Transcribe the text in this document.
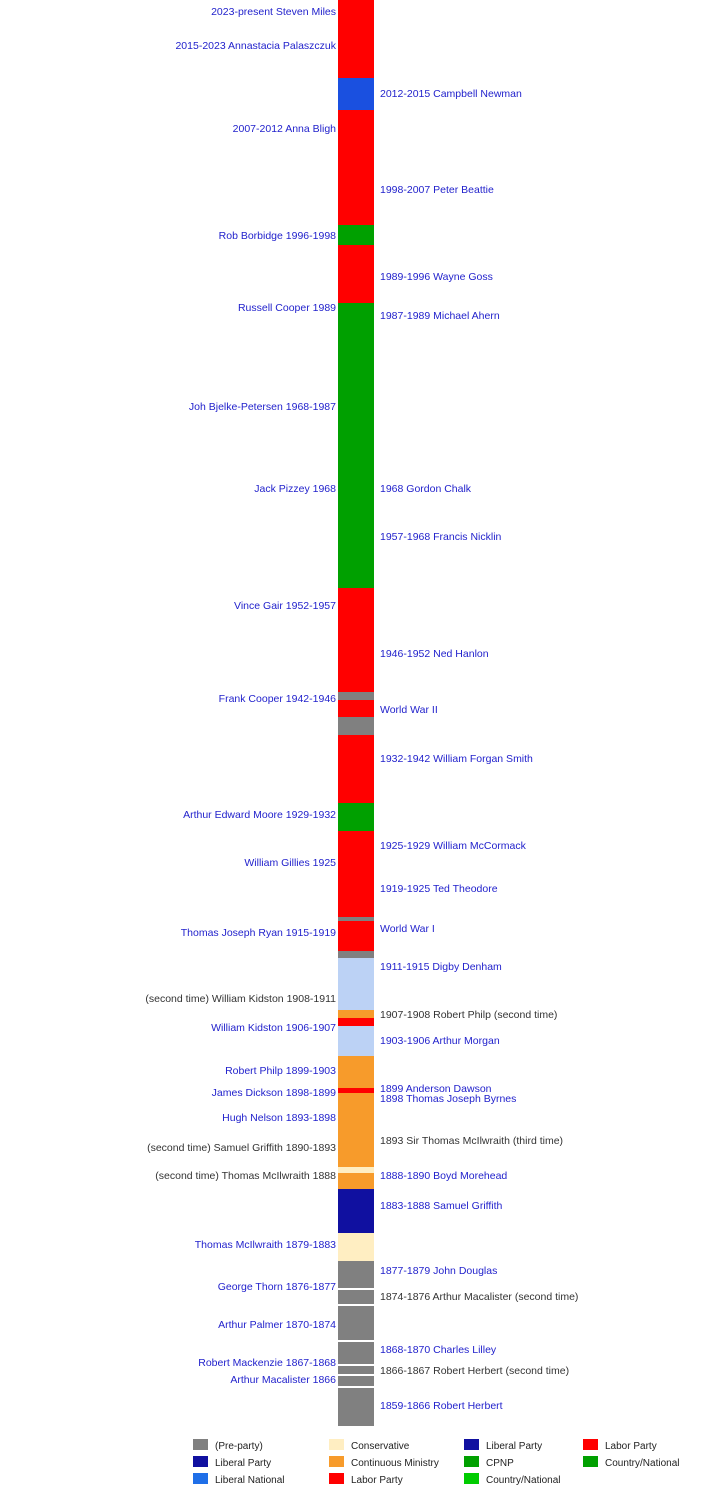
2023-present Steven Miles
2015-2023 Annastacia Palaszczuk
2012-2015 Campbell Newman
2007-2012 Anna Bligh
1998-2007 Peter Beattie
Rob Borbidge 1996-1998
1989-1996 Wayne Goss
Russell Cooper 1989
1987-1989 Michael Ahern
Joh Bjelke-Petersen 1968-1987
Jack Pizzey 1968	1968 Gordon Chalk
1957-1968 Francis Nicklin
Vince Gair 1952-1957
1946-1952 Ned Hanlon
Frank Cooper 1942-1946
World War II
1932-1942 William Forgan Smith
Arthur Edward Moore 1929-1932
1925-1929 William McCormack
William Gillies 1925
1919-1925 Ted Theodore
Thomas Joseph Ryan 1915-1919	World War I
1911-1915 Digby Denham
(second time) William Kidston 1908-1911
1907-1908 Robert Philp (second time)
William Kidston 1906-1907
1903-1906 Arthur Morgan
Robert Philp 1899-1903
1899 Anderson Dawson
James Dickson 1898-1899	1898 Thomas Joseph Byrnes
Hugh Nelson 1893-1898
1893 Sir Thomas McIlwraith (third time)
(second time) Samuel Griffith 1890-1893
1888-1890 Boyd Morehead
(second time) Thomas McIlwraith 1888
1883-1888 Samuel Griffith
Thomas McIlwraith 1879-1883
1877-1879 John Douglas
George Thorn 1876-1877
1874-1876 Arthur Macalister (second time)
Arthur Palmer 1870-1874
1868-1870 Charles Lilley
Robert Mackenzie 1867-1868
1866-1867 Robert Herbert (second time)
Arthur Macalister 1866
1859-1866 Robert Herbert
(Pre-party)
Liberal Party
Liberal National
Conservative
Continuous Ministry
Labor Party
Liberal Party
CPNP
Country/National
Labor Party
Country/National
